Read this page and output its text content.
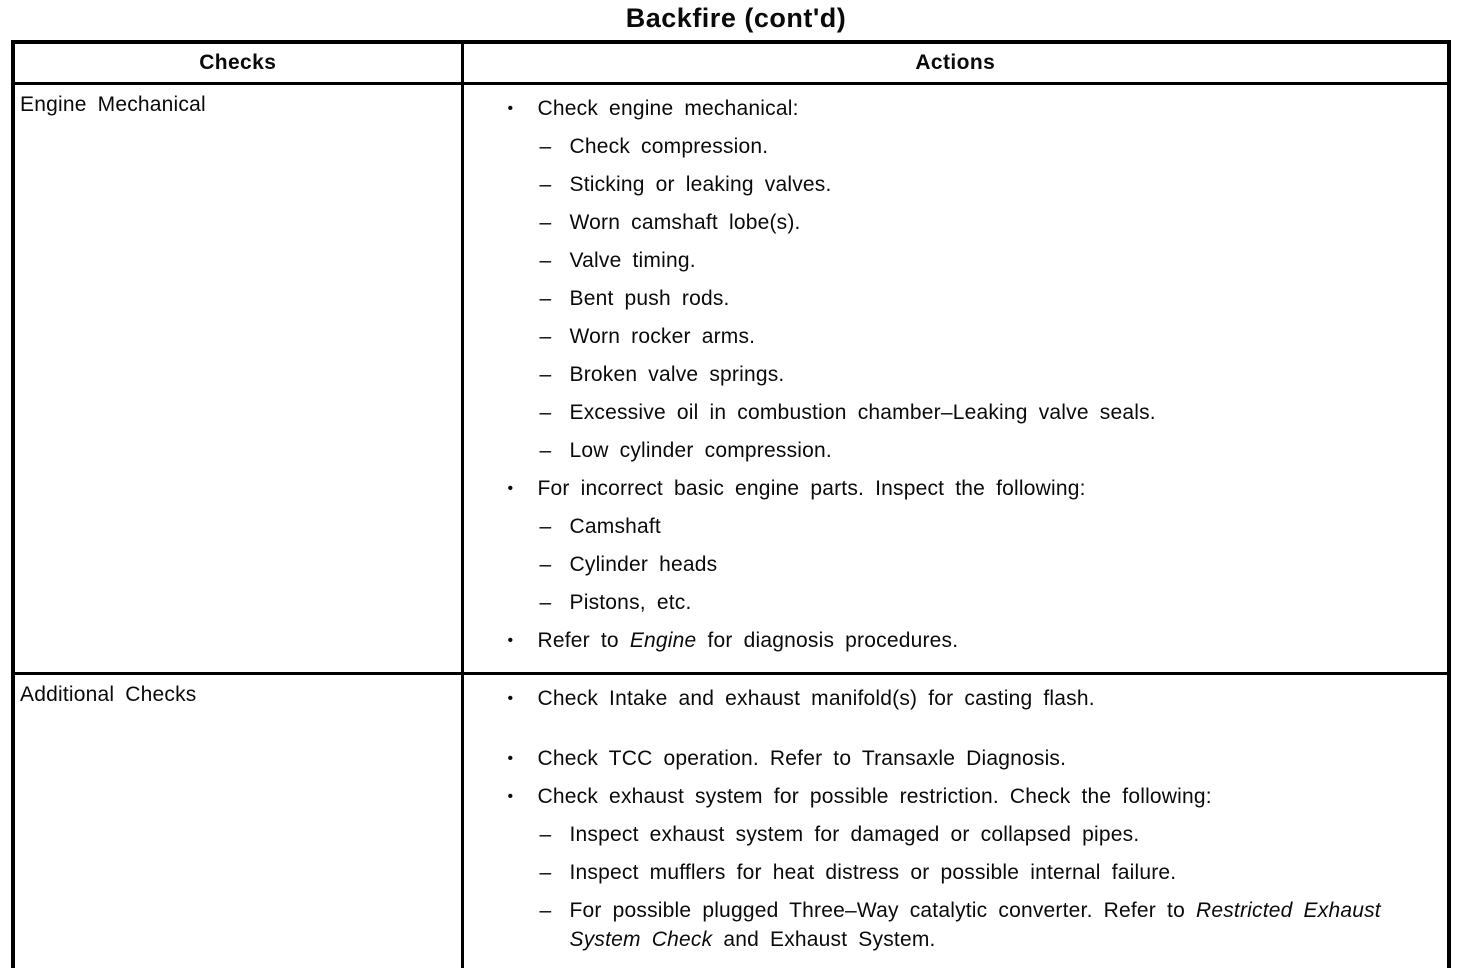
Backfire (cont'd)
Checks	Actions
Engine Mechanical	•	Check engine mechanical:
– Check compression.
– Sticking or leaking valves.
– Worn camshaft lobe(s).
– Valve timing.
– Bent push rods.
– Worn rocker arms.
– Broken valve springs.
– Excessive oil in combustion chamber–Leaking valve seals.
– Low cylinder compression.
•	For incorrect basic engine parts. Inspect the following:
– Camshaft
– Cylinder heads
– Pistons, etc.
•	Refer to Engine for diagnosis procedures.

Additional Checks	•	Check Intake and exhaust manifold(s) for casting flash.
•	Check TCC operation. Refer to Transaxle Diagnosis.
•	Check exhaust system for possible restriction. Check the following:
– Inspect exhaust system for damaged or collapsed pipes.
– Inspect mufflers for heat distress or possible internal failure.
– For possible plugged Three–Way catalytic converter. Refer to Restricted Exhaust System Check and Exhaust System.
